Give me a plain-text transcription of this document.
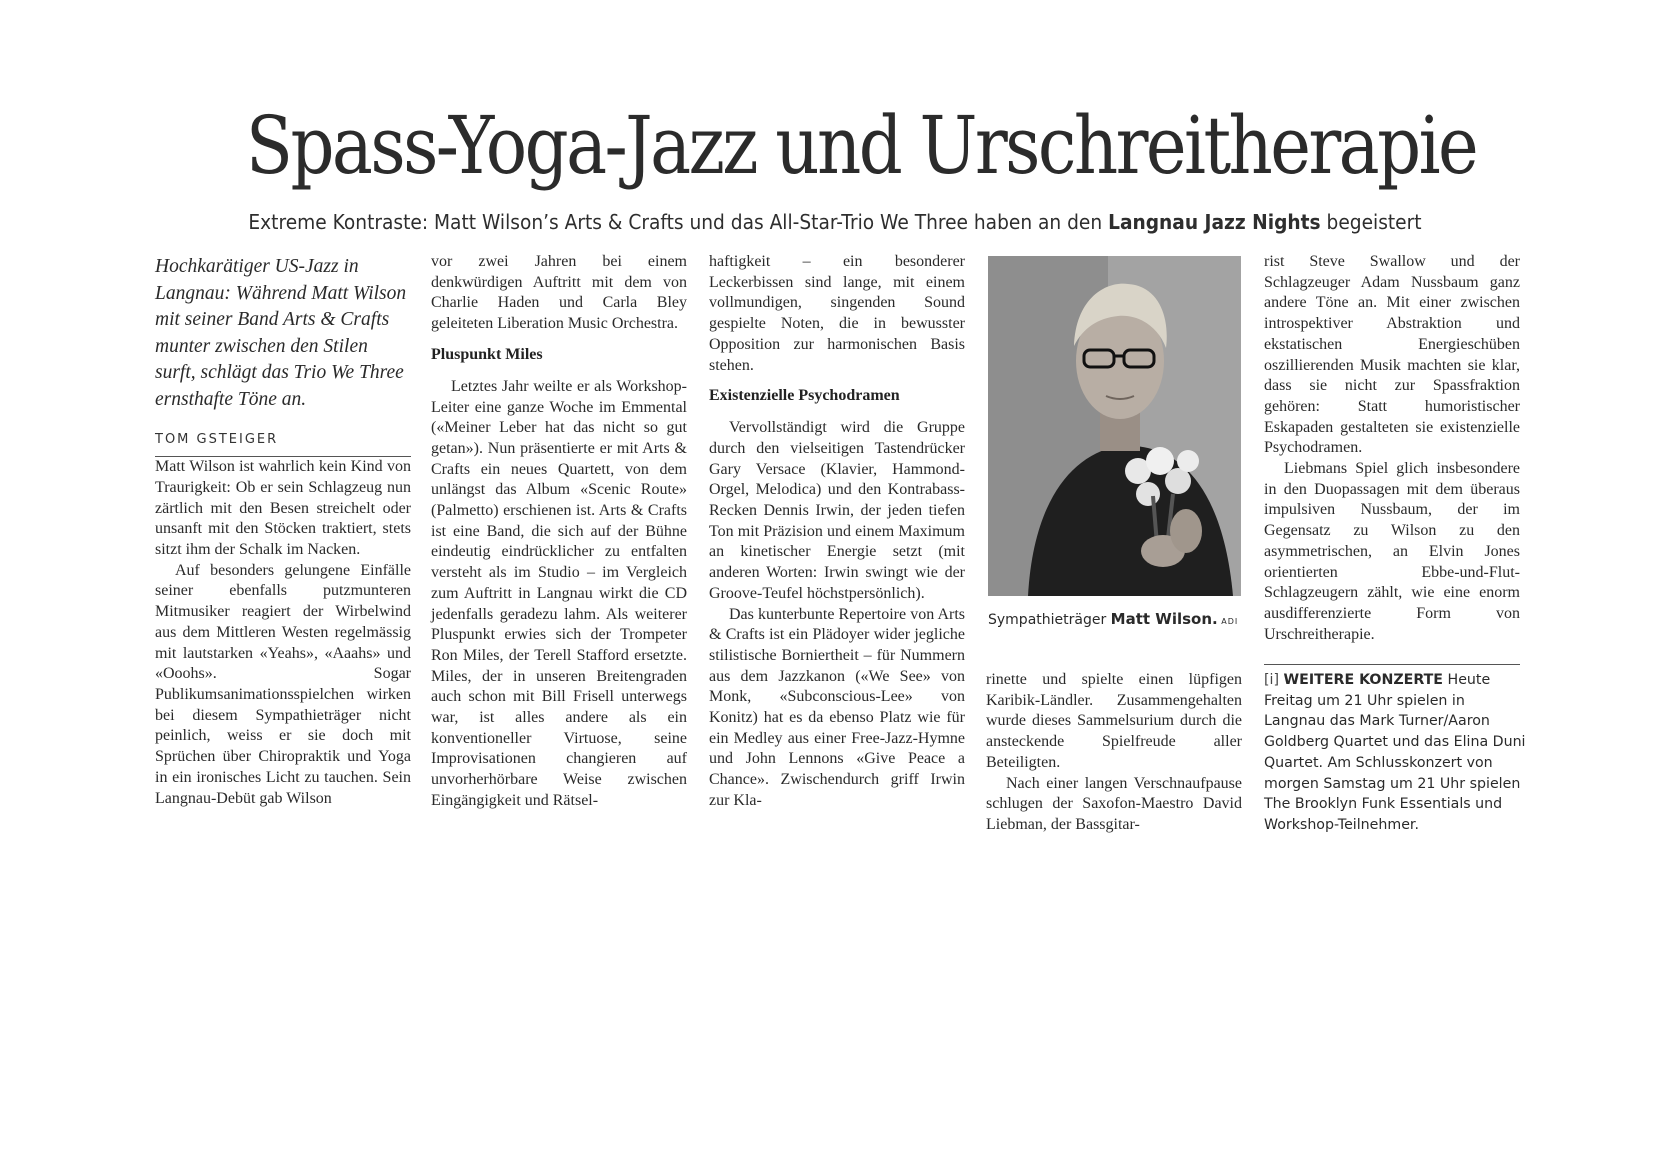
Spass-Yoga-Jazz und Urschreitherapie
Extreme Kontraste: Matt Wilson’s Arts & Crafts und das All-Star-Trio We Three haben an den Langnau Jazz Nights begeistert

Hochkarätiger US-Jazz in Langnau: Während Matt Wilson mit seiner Band Arts & Crafts munter zwischen den Stilen surft, schlägt das Trio We Three ernsthafte Töne an.

TOM GSTEIGER

Matt Wilson ist wahrlich kein Kind von Traurigkeit: Ob er sein Schlagzeug nun zärtlich mit den Besen streichelt oder unsanft mit den Stöcken traktiert, stets sitzt ihm der Schalk im Nacken.

Auf besonders gelungene Einfälle seiner ebenfalls putzmunteren Mitmusiker reagiert der Wirbelwind aus dem Mittleren Westen regelmässig mit lautstarken «Yeahs», «Aaahs» und «Ooohs». Sogar Publikumsanimationsspielchen wirken bei diesem Sympathieträger nicht peinlich, weiss er sie doch mit Sprüchen über Chiropraktik und Yoga in ein ironisches Licht zu tauchen. Sein Langnau-Debüt gab Wilson

vor zwei Jahren bei einem denkwürdigen Auftritt mit dem von Charlie Haden und Carla Bley geleiteten Liberation Music Orchestra.

Pluspunkt Miles

Letztes Jahr weilte er als Workshop-Leiter eine ganze Woche im Emmental («Meiner Leber hat das nicht so gut getan»). Nun präsentierte er mit Arts & Crafts ein neues Quartett, von dem unlängst das Album «Scenic Route» (Palmetto) erschienen ist. Arts & Crafts ist eine Band, die sich auf der Bühne eindeutig eindrücklicher zu entfalten versteht als im Studio – im Vergleich zum Auftritt in Langnau wirkt die CD jedenfalls geradezu lahm. Als weiterer Pluspunkt erwies sich der Trompeter Ron Miles, der Terell Stafford ersetzte. Miles, der in unseren Breitengraden auch schon mit Bill Frisell unterwegs war, ist alles andere als ein konventioneller Virtuose, seine Improvisationen changieren auf unvorherhörbare Weise zwischen Eingängigkeit und Rätsel-

haftigkeit – ein besonderer Leckerbissen sind lange, mit einem vollmundigen, singenden Sound gespielte Noten, die in bewusster Opposition zur harmonischen Basis stehen.

Existenzielle Psychodramen

Vervollständigt wird die Gruppe durch den vielseitigen Tastendrücker Gary Versace (Klavier, Hammond-Orgel, Melodica) und den Kontrabass-Recken Dennis Irwin, der jeden tiefen Ton mit Präzision und einem Maximum an kinetischer Energie setzt (mit anderen Worten: Irwin swingt wie der Groove-Teufel höchstpersönlich).

Das kunterbunte Repertoire von Arts & Crafts ist ein Plädoyer wider jegliche stilistische Borniertheit – für Nummern aus dem Jazzkanon («We See» von Monk, «Subconscious-Lee» von Konitz) hat es da ebenso Platz wie für ein Medley aus einer Free-Jazz-Hymne und John Lennons «Give Peace a Chance». Zwischendurch griff Irwin zur Kla-

Sympathieträger Matt Wilson. ADI

rinette und spielte einen lüpfigen Karibik-Ländler. Zusammengehalten wurde dieses Sammelsurium durch die ansteckende Spielfreude aller Beteiligten.

Nach einer langen Verschnaufpause schlugen der Saxofon-Maestro David Liebman, der Bassgitar-

rist Steve Swallow und der Schlagzeuger Adam Nussbaum ganz andere Töne an. Mit einer zwischen introspektiver Abstraktion und ekstatischen Energieschüben oszillierenden Musik machten sie klar, dass sie nicht zur Spassfraktion gehören: Statt humoristischer Eskapaden gestalteten sie existenzielle Psychodramen.

Liebmans Spiel glich insbesondere in den Duopassagen mit dem überaus impulsiven Nussbaum, der im Gegensatz zu Wilson zu den asymmetrischen, an Elvin Jones orientierten Ebbe-und-Flut-Schlagzeugern zählt, wie eine enorm ausdifferenzierte Form von Urschreitherapie.

[i] WEITERE KONZERTE Heute Freitag um 21 Uhr spielen in Langnau das Mark Turner/Aaron Goldberg Quartet und das Elina Duni Quartet. Am Schlusskonzert von morgen Samstag um 21 Uhr spielen The Brooklyn Funk Essentials und Workshop-Teilnehmer.
